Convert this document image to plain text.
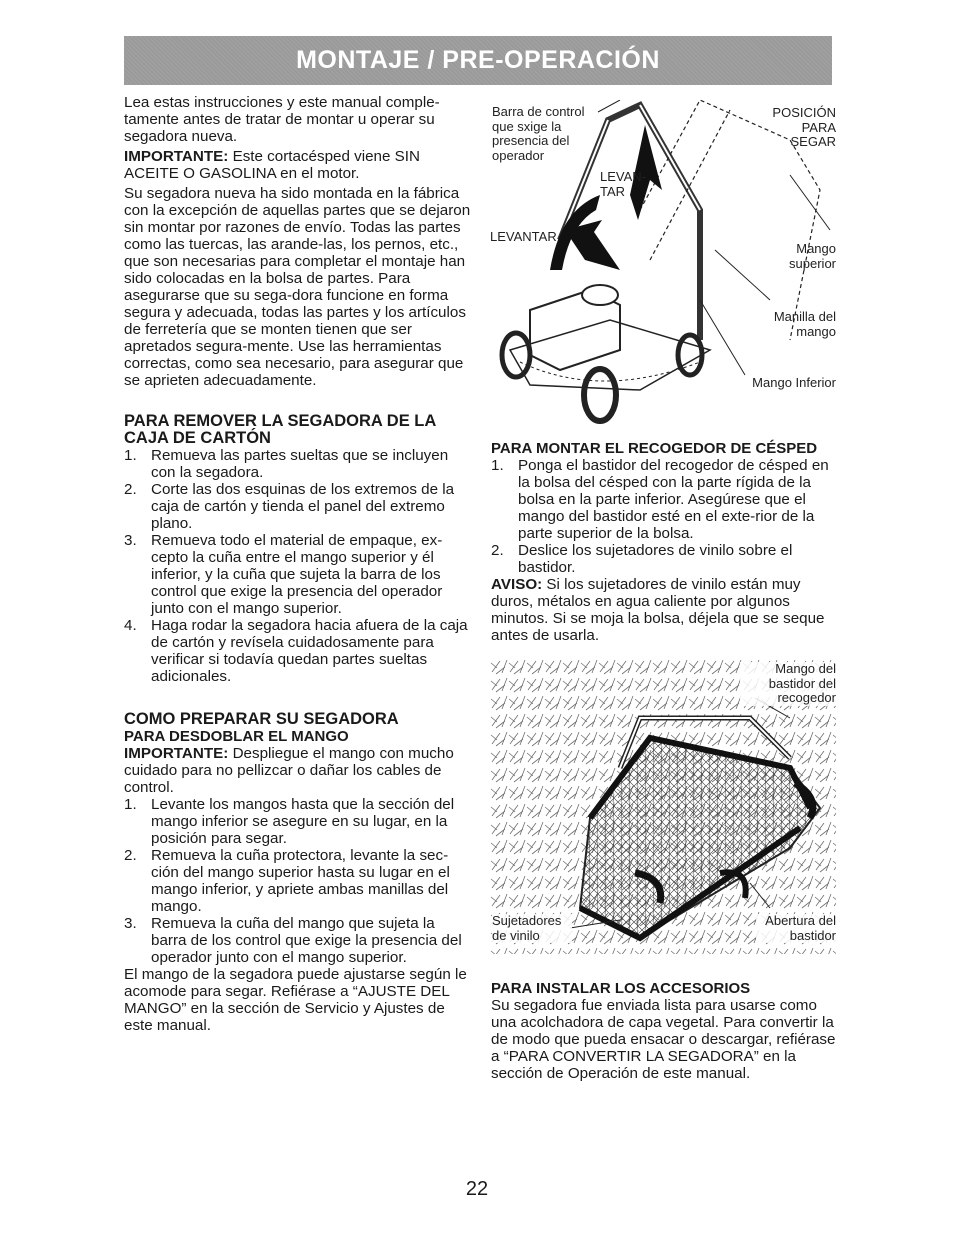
MONTAJE / PRE-OPERACIÓN

Lea estas instrucciones y este manual comple-tamente antes de tratar de montar u operar su segadora nueva.

IMPORTANTE: Este cortacésped viene SIN ACEITE O GASOLINA en el motor.

Su segadora nueva ha sido montada en la fábrica con la excepción de aquellas partes que se dejaron sin montar por razones de envío. Todas las partes como las tuercas, las arande-las, los pernos, etc., que son necesarias para completar el montaje han sido colocadas en la bolsa de partes. Para asegurarse que su sega-dora funcione en forma segura y adecuada, todas las partes y los artículos de ferretería que se monten tienen que ser apretados segura-mente. Use las herramientas correctas, como sea necesario, para asegurar que se aprieten adecuadamente.

PARA REMOVER LA SEGADORA DE LA CAJA DE CARTÓN

1. Remueva las partes sueltas que se incluyen con la segadora.
2. Corte las dos esquinas de los extremos de la caja de cartón y tienda el panel del extremo plano.
3. Remueva todo el material de empaque, ex-cepto la cuña entre el mango superior y él inferior, y la cuña que sujeta la barra de los control que exige la presencia del operador junto con el mango superior.
4. Haga rodar la segadora hacia afuera de la caja de cartón y revísela cuidadosamente para verificar si todavía quedan partes sueltas adicionales.

COMO PREPARAR SU SEGADORA

PARA DESDOBLAR EL MANGO

IMPORTANTE: Despliegue el mango con mucho cuidado para no pellizcar o dañar los cables de control.

1. Levante los mangos hasta que la sección del mango inferior se asegure en su lugar, en la posición para segar.
2. Remueva la cuña protectora, levante la sec-ción del mango superior hasta su lugar en el mango inferior, y apriete ambas manillas del mango.
3. Remueva la cuña del mango que sujeta la barra de los control que exige la presencia del operador junto con el mango superior.

El mango de la segadora puede ajustarse según le acomode para segar. Refiérase a “AJUSTE DEL MANGO” en la sección de Servicio y Ajustes de este manual.

Barra de control que sxige la presencia del operador
LEVAN-TAR
LEVANTAR
POSICIÓN PARA SEGAR
Mango superior
Manilla del mango
Mango Inferior

PARA MONTAR EL RECOGEDOR DE CÉSPED

1. Ponga el bastidor del recogedor de césped en la bolsa del césped con la parte rígida de la bolsa en la parte inferior. Asegúrese que el mango del bastidor esté en el exte-rior de la parte superior de la bolsa.
2. Deslice los sujetadores de vinilo sobre el bastidor.

AVISO: Si los sujetadores de vinilo están muy duros, métalos en agua caliente por algunos minutos. Si se moja la bolsa, déjela que se seque antes de usarla.

Mango del bastidor del recogedor
Sujetadores de vinilo
Abertura del bastidor

PARA INSTALAR LOS ACCESORIOS

Su segadora fue enviada lista para usarse como una acolchadora de capa vegetal. Para convertir la de modo que pueda ensacar o descargar, refiérase a “PARA CONVERTIR LA SEGADORA” en la sección de Operación de este manual.

22
